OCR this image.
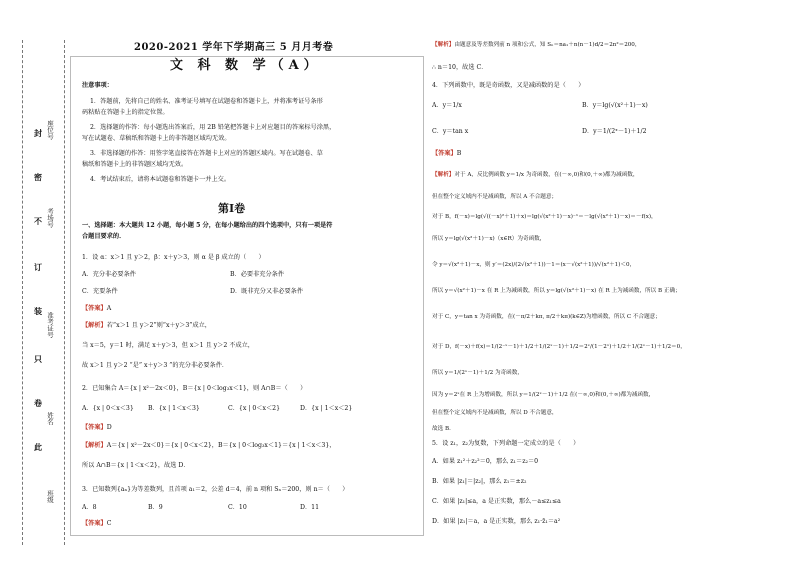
封
密
不
订
装
只
卷
此
座位号
考场号
准考证号
姓名
班级
2020-2021 学年下学期高三 5 月月考卷
文 科 数 学（A）
注意事项：
1．答题前，先将自己的姓名、准考证号填写在试题卷和答题卡上，并将准考证号条形
码粘贴在答题卡上的指定位置。
2．选择题的作答：每小题选出答案后，用 2B 铅笔把答题卡上对应题目的答案标号涂黑，
写在试题卷、草稿纸和答题卡上的非答题区域均无效。
3．非选择题的作答：用签字笔直接答在答题卡上对应的答题区域内。写在试题卷、草
稿纸和答题卡上的非答题区域均无效。
4．考试结束后，请将本试题卷和答题卡一并上交。
第Ⅰ卷
一、选择题：本大题共 12 小题，每小题 5 分，在每小题给出的四个选项中，只有一项是符
合题目要求的．
1．设 α：x＞1 且 y＞2，β：x＋y＞3，则 α 是 β 成立的（　　）
A．充分非必要条件	B．必要非充分条件
C．充要条件	D．既非充分又非必要条件
【答案】A
【解析】若“x＞1 且 y＞2”则“x＋y＞3”成立，
当 x＝5，y＝1 时，满足 x＋y＞3，但 x＞1 且 y＞2 不成立，
故 x＞1 且 y＞2 “是” x＋y＞3 ”的充分非必要条件．
2．已知集合 A＝{x | x²－2x＜0}，B＝{x | 0＜log₃x＜1}，则 A∩B＝（　　）
A．{x | 0＜x＜3} B．{x | 1＜x＜3}	C．{x | 0＜x＜2}	D．{x | 1＜x＜2}
【答案】D
【解析】A＝{x | x²－2x＜0}＝{x | 0＜x＜2}，B＝{x | 0＜log₃x＜1}＝{x | 1＜x＜3}，
所以 A∩B＝{x | 1＜x＜2}，故选 D．
3．已知数列{aₙ}为等差数列，且首项 a₁＝2，公差 d＝4，前 n 项和 Sₙ＝200，则 n＝（　　）
A．8	B．9	C．10	D．11
【答案】C
【解析】由题意及等差数列前 n 项和公式，知 Sₙ＝na₁＋n(n－1)d/2＝2n²＝200，
∴ n＝10，故选 C．
4．下列函数中，既是奇函数，又是减函数的是（　　）
A．y＝1/x	B．y＝lg(√(x²＋1)－x)
C．y＝tan x	D．y＝1/(2ˣ－1)＋1/2
【答案】B
【解析】对于 A，反比例函数 y＝1/x 为奇函数，在(－∞,0)和(0,＋∞)都为减函数，
但在整个定义域内不是减函数，所以 A 不合题意；
对于 B，f(－x)＝lg(√((－x)²＋1)＋x)＝lg(√(x²＋1)－x)⁻¹＝－lg(√(x²＋1)－x)＝－f(x)，
所以 y＝lg(√(x²＋1)－x)（x∈R）为奇函数，
令 y＝√(x²＋1)－x，则 y′＝(2x)/(2√(x²＋1))－1＝(x－√(x²＋1))/√(x²＋1)＜0，
所以 y＝√(x²＋1)－x 在 R 上为减函数，所以 y＝lg(√(x²＋1)－x) 在 R 上为减函数，所以 B 正确；
对于 C，y＝tan x 为奇函数，在(－π/2＋kπ, π/2＋kπ)(k∈Z)为增函数，所以 C 不合题意；
对于 D，f(－x)＋f(x)＝1/(2⁻ˣ－1)＋1/2＋1/(2ˣ－1)＋1/2＝2ˣ/(1－2ˣ)＋1/2＋1/(2ˣ－1)＋1/2＝0，
所以 y＝1/(2ˣ－1)＋1/2 为奇函数，
因为 y＝2ˣ在 R 上为增函数，所以 y＝1/(2ˣ－1)＋1/2 在(－∞,0)和(0,＋∞)都为减函数，
但在整个定义域内不是减函数，所以 D 不合题意，
故选 B．
5．设 z₁，z₂为复数，下列命题一定成立的是（　　）
A．如果 z₁²＋z₂²＝0，那么 z₁＝z₂＝0
B．如果 |z₁|＝|z₂|，那么 z₁＝±z₂
C．如果 |z₁|≤a，a 是正实数，那么－a≤z₁≤a
D．如果 |z₁|＝a，a 是正实数，那么 z₁·z̄₁＝a²
